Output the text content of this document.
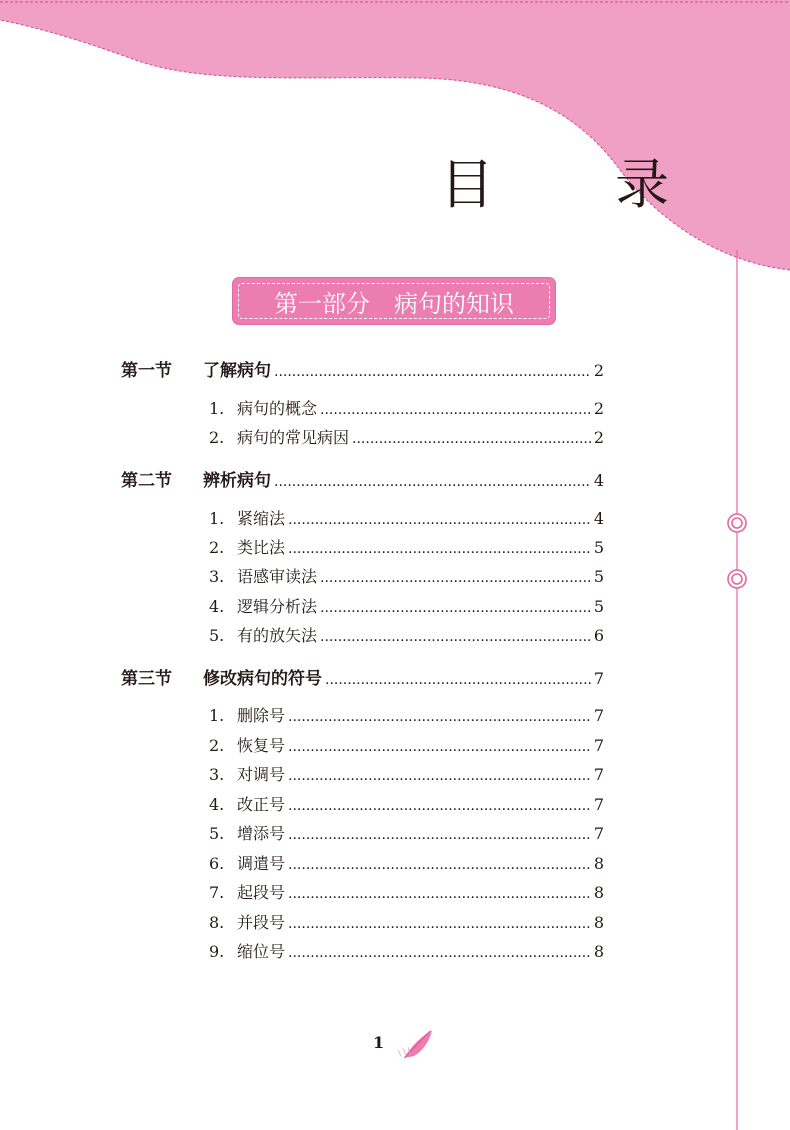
目 录
第一部分　病句的知识
第一节	了解病句 .....	2
1. 病句的概念 .....	2
2. 病句的常见病因 .....	2
第二节	辨析病句 .....	4
1. 紧缩法 .....	4
2. 类比法 .....	5
3. 语感审读法 .....	5
4. 逻辑分析法 .....	5
5. 有的放矢法 .....	6
第三节	修改病句的符号 .....	7
1. 删除号 .....	7
2. 恢复号 .....	7
3. 对调号 .....	7
4. 改正号 .....	7
5. 增添号 .....	7
6. 调遣号 .....	8
7. 起段号 .....	8
8. 并段号 .....	8
9. 缩位号 .....	8
1
